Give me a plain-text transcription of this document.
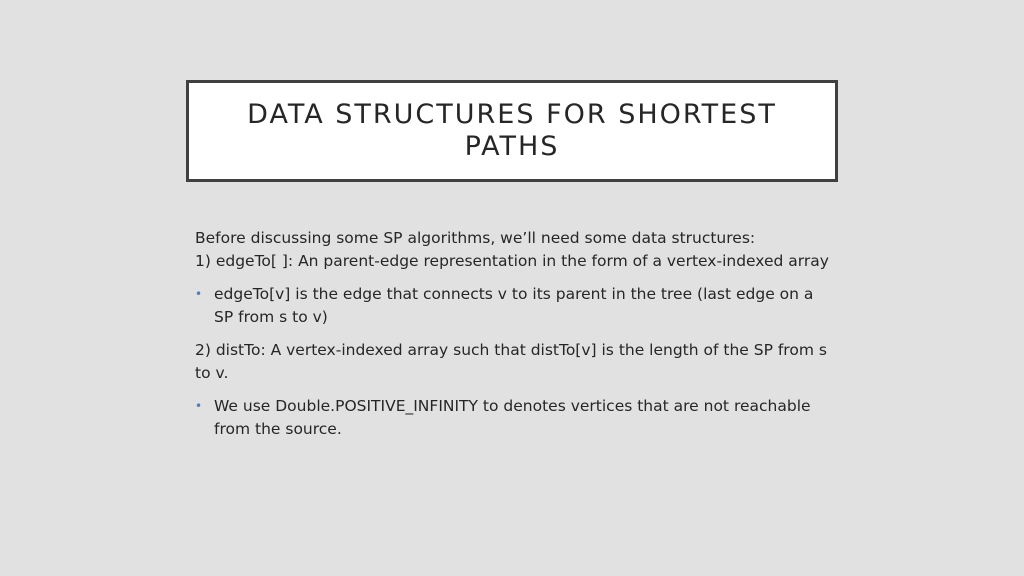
DATA STRUCTURES FOR SHORTEST PATHS

Before discussing some SP algorithms, we’ll need some data structures:

1) edgeTo[ ]: An parent-edge representation in the form of a vertex-indexed array

• edgeTo[v] is the edge that connects v to its parent in the tree (last edge on a SP from s to v)

2) distTo: A vertex-indexed array such that distTo[v] is the length of the SP from s to v.

• We use Double.POSITIVE_INFINITY to denotes vertices that are not reachable from the source.
